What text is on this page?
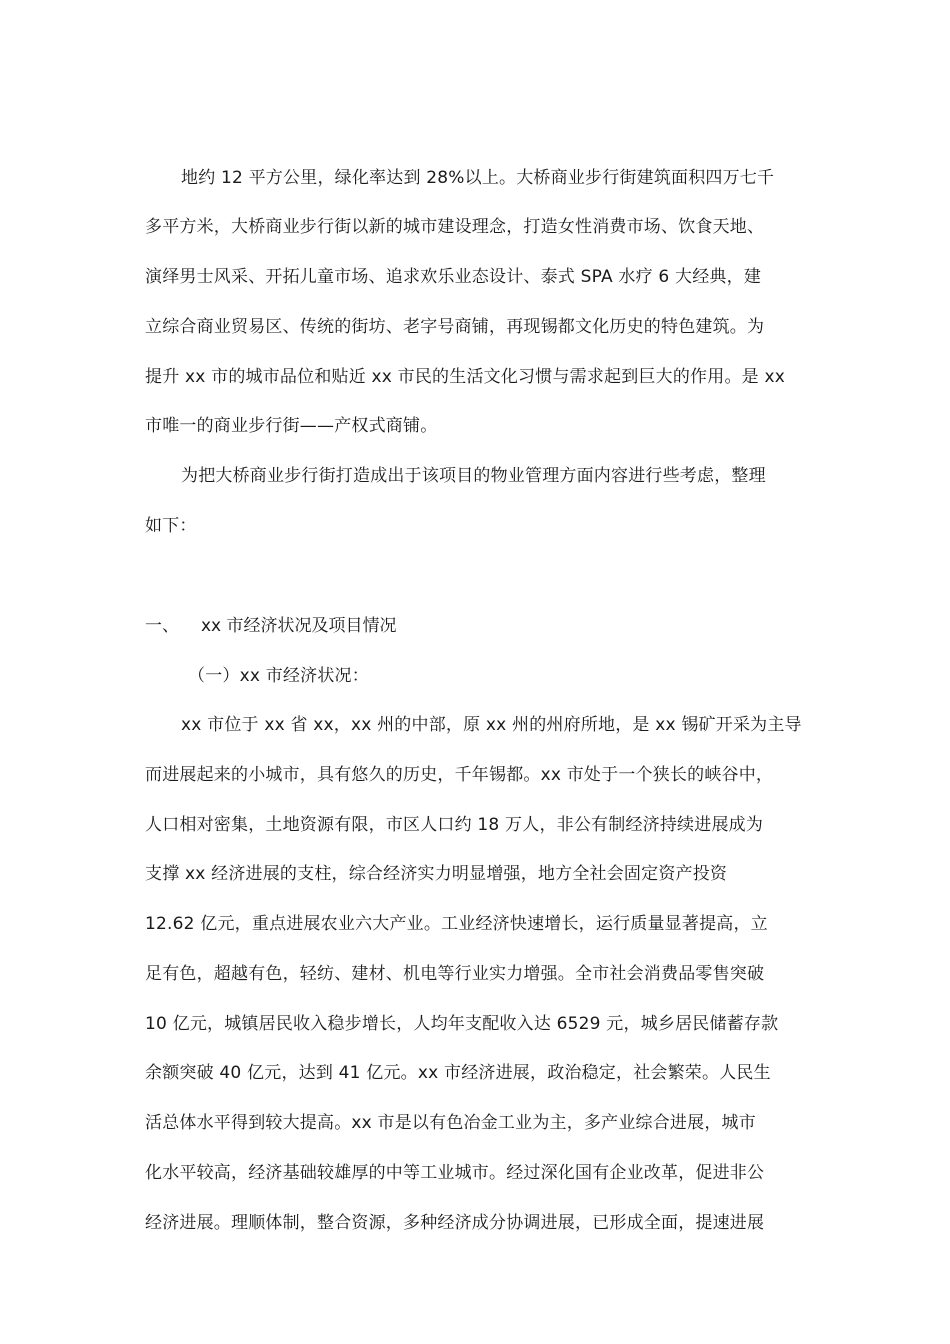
地约 12 平方公里，绿化率达到 28%以上。大桥商业步行街建筑面积四万七千
多平方米，大桥商业步行街以新的城市建设理念，打造女性消费市场、饮食天地、
演绎男士风采、开拓儿童市场、追求欢乐业态设计、泰式 SPA 水疗 6 大经典，建
立综合商业贸易区、传统的街坊、老字号商铺，再现锡都文化历史的特色建筑。为
提升 xx 市的城市品位和贴近 xx 市民的生活文化习惯与需求起到巨大的作用。是 xx
市唯一的商业步行街——产权式商铺。
为把大桥商业步行街打造成出于该项目的物业管理方面内容进行些考虑，整理
如下：
一、 xx 市经济状况及项目情况
（一）xx 市经济状况：
xx 市位于 xx 省 xx，xx 州的中部，原 xx 州的州府所地，是 xx 锡矿开采为主导
而进展起来的小城市，具有悠久的历史，千年锡都。xx 市处于一个狭长的峡谷中，
人口相对密集，土地资源有限，市区人口约 18 万人，非公有制经济持续进展成为
支撑 xx 经济进展的支柱，综合经济实力明显增强，地方全社会固定资产投资
12.62 亿元，重点进展农业六大产业。工业经济快速增长，运行质量显著提高，立
足有色，超越有色，轻纺、建材、机电等行业实力增强。全市社会消费品零售突破
10 亿元，城镇居民收入稳步增长，人均年支配收入达 6529 元，城乡居民储蓄存款
余额突破 40 亿元，达到 41 亿元。xx 市经济进展，政治稳定，社会繁荣。人民生
活总体水平得到较大提高。xx 市是以有色冶金工业为主，多产业综合进展，城市
化水平较高，经济基础较雄厚的中等工业城市。经过深化国有企业改革，促进非公
经济进展。理顺体制，整合资源，多种经济成分协调进展，已形成全面，提速进展
